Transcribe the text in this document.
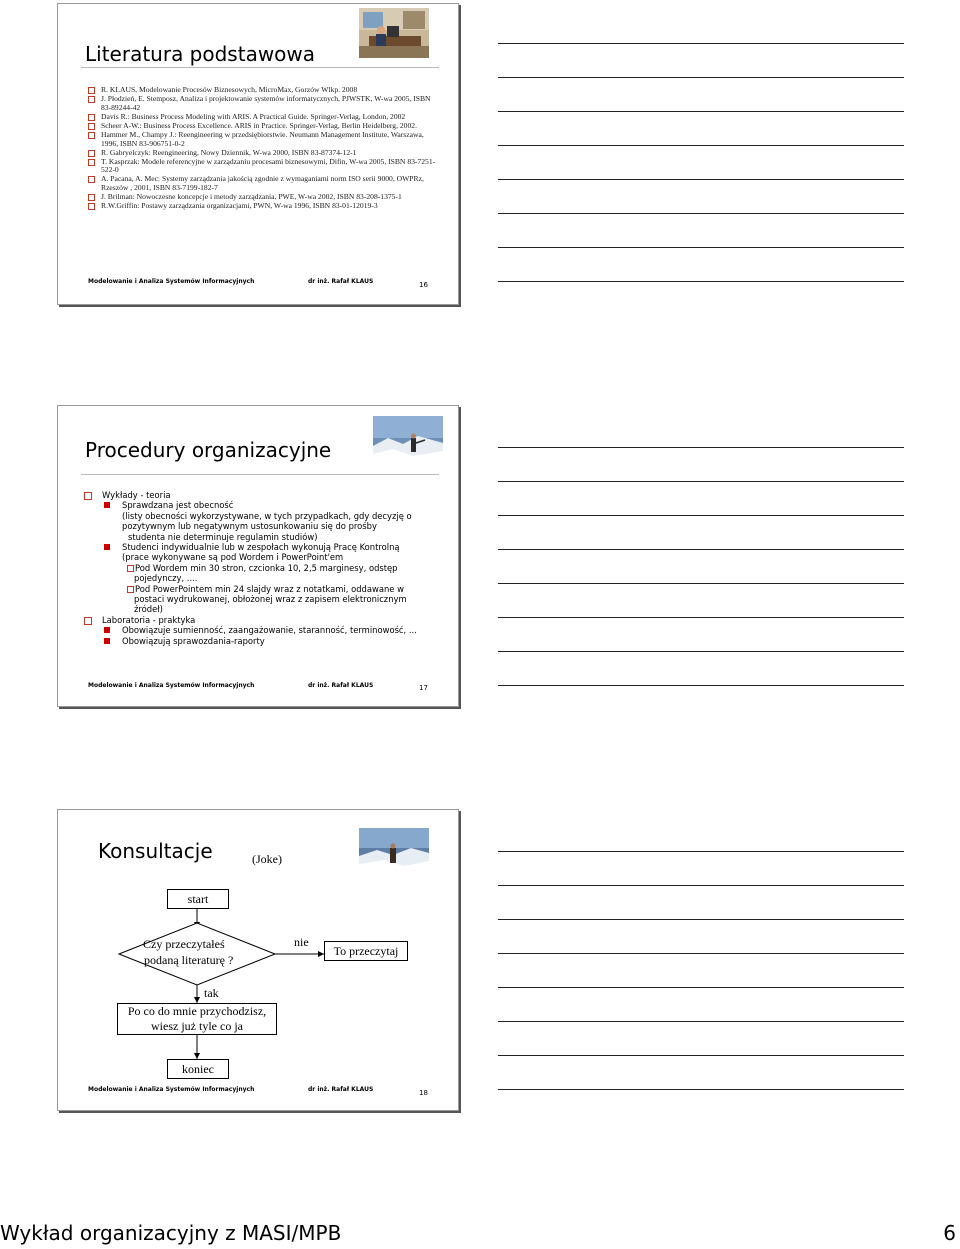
Literatura podstawowa
R. KLAUS, Modelowanie Procesów Biznesowych, MicroMax, Gorzów Wlkp. 2008
J. Płodzień, E. Stemposz, Analiza i projektowanie systemów informatycznych, PJWSTK, W-wa 2005, ISBN 83-89244-42
Davis R.: Business Process Modeling with ARIS. A Practical Guide. Springer-Verlag, London, 2002
Scheer A-W.: Business Process Excellence. ARIS in Practice. Springer-Verlag, Berlin Heidelberg, 2002.
Hammer M., Champy J.: Reengineering w przedsiębiorstwie. Neumann Management Institute, Warszawa, 1996, ISBN 83-906751-0-2
R. Gabryelczyk: Reengineering, Nowy Dziennik, W-wa 2000, ISBN 83-87374-12-1
T. Kasprzak: Modele referencyjne w zarządzaniu procesami biznesowymi, Difin, W-wa 2005, ISBN 83-7251-522-0
A. Pacana, A. Mec: Systemy zarządzania jakością zgodnie z wymaganiami norm ISO serii 9000, OWPRz, Rzeszów , 2001, ISBN 83-7199-182-7
J. Brilman: Nowoczesne koncepcje i metody zarządzania, PWE, W-wa 2002, ISBN 83-208-1375-1
R.W.Griffin: Postawy zarządzania organizacjami, PWN, W-wa 1996, ISBN 83-01-12019-3
Modelowanie i Analiza Systemów Informacyjnych	dr inż. Rafał KLAUS	16
Procedury organizacyjne
Wykłady - teoria
Sprawdzana jest obecność
(listy obecności wykorzystywane, w tych przypadkach, gdy decyzję o
pozytywnym lub negatywnym ustosunkowaniu się do prośby
studenta nie determinuje regulamin studiów)
Studenci indywidualnie lub w zespołach wykonują Pracę Kontrolną
(prace wykonywane są pod Wordem i PowerPoint'em
Pod Wordem min 30 stron, czcionka 10, 2,5 marginesy, odstęp
pojedynczy, ....
Pod PowerPointem min 24 slajdy wraz z notatkami, oddawane w
postaci wydrukowanej, obłożonej wraz z zapisem elektronicznym
źródeł)
Laboratoria - praktyka
Obowiązuje sumienność, zaangażowanie, staranność, terminowość, ...
Obowiązują sprawozdania-raporty
Modelowanie i Analiza Systemów Informacyjnych	dr inż. Rafał KLAUS	17
Konsultacje	(Joke)
start
Czy przeczytałeś
podaną literaturę ?
nie
To przeczytaj
tak
Po co do mnie przychodzisz,
wiesz już tyle co ja
koniec
Modelowanie i Analiza Systemów Informacyjnych	dr inż. Rafał KLAUS	18
Wykład organizacyjny z MASI/MPB	6
